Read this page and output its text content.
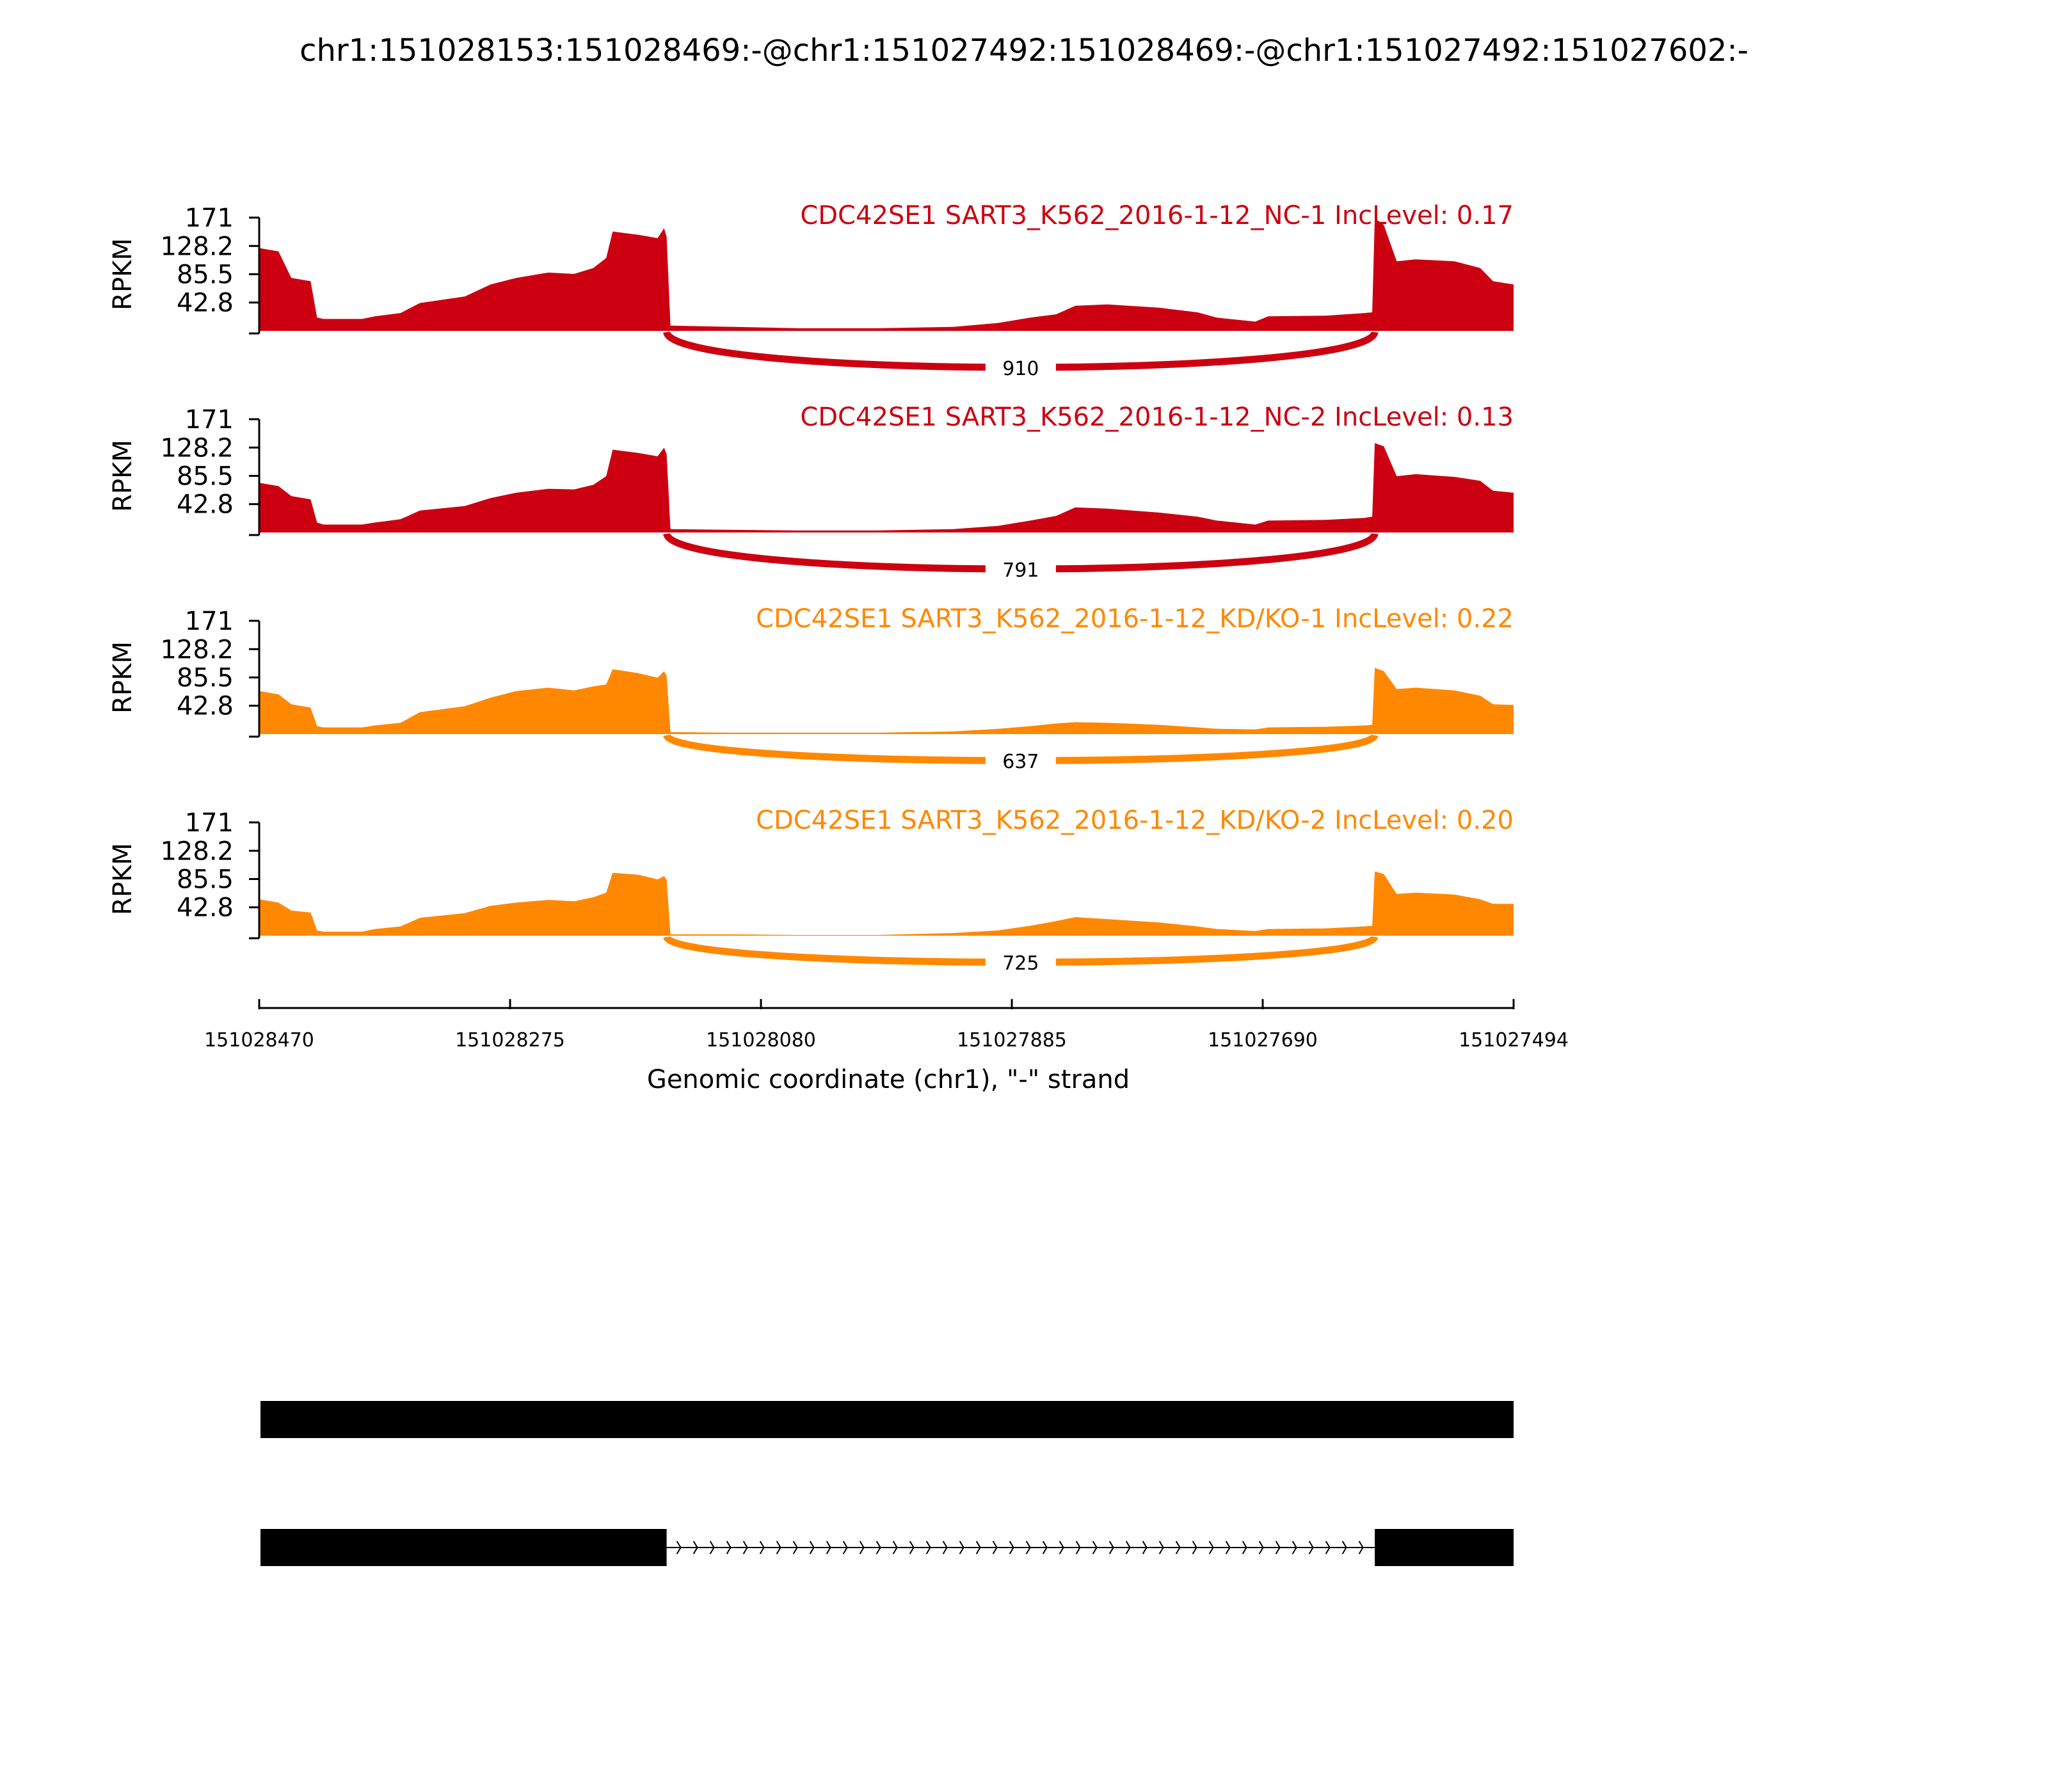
chr1:151028153:151028469:-@chr1:151027492:151028469:-@chr1:151027492:151027602:-
910
171
128.2
85.5
42.8
RPKM
CDC42SE1 SART3_K562_2016-1-12_NC-1 IncLevel: 0.17
791
171
128.2
85.5
42.8
RPKM
CDC42SE1 SART3_K562_2016-1-12_NC-2 IncLevel: 0.13
637
171
128.2
85.5
42.8
RPKM
CDC42SE1 SART3_K562_2016-1-12_KD/KO-1 IncLevel: 0.22
725
171
128.2
85.5
42.8
RPKM
CDC42SE1 SART3_K562_2016-1-12_KD/KO-2 IncLevel: 0.20
151028470	151028275	151028080	151027885	151027690	151027494
Genomic coordinate (chr1), "-" strand
